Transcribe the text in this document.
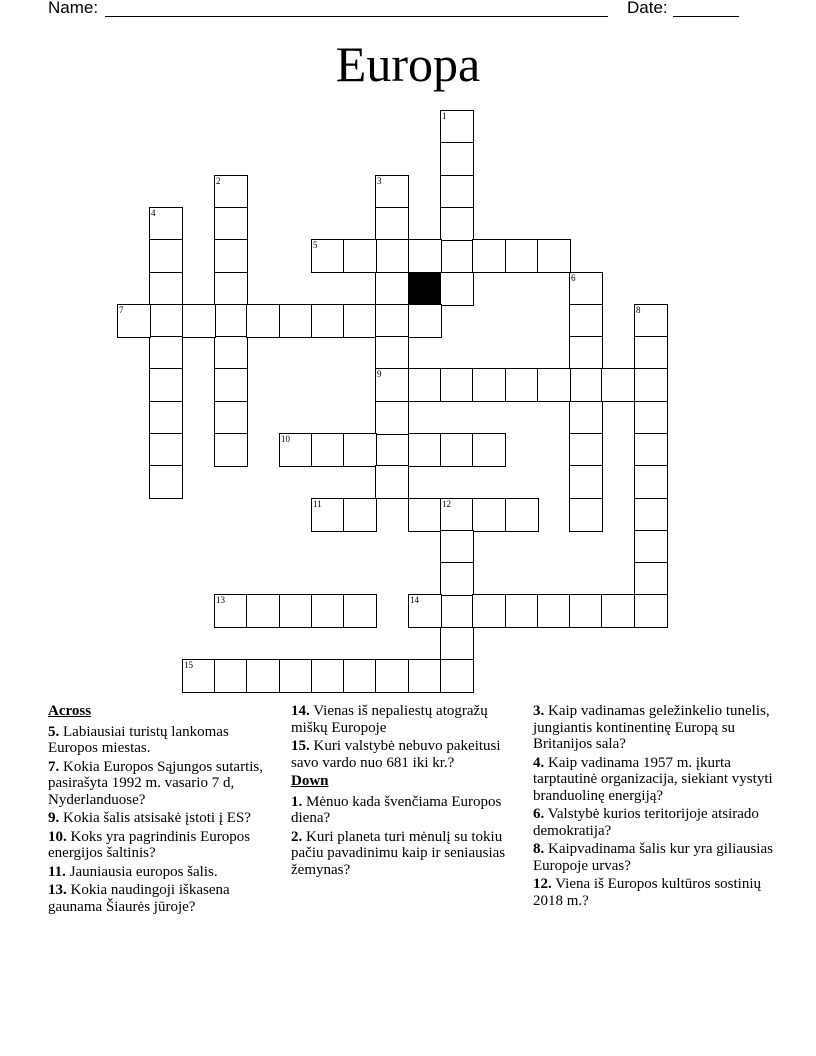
Name:	Date:
Europa
1
2	3
4
5
7
6
8
9
10
11	12
13	14
15
Across
5. Labiausiai turistų lankomas Europos miestas.
7. Kokia Europos Sąjungos sutartis, pasirašyta 1992 m. vasario 7 d, Nyderlanduose?
9. Kokia šalis atsisakė įstoti į ES?
10. Koks yra pagrindinis Europos energijos šaltinis?
11. Jauniausia europos šalis.
13. Kokia naudingoji iškasena gaunama Šiaurės jūroje?
14. Vienas iš nepaliestų atogražų miškų Europoje
15. Kuri valstybė nebuvo pakeitusi savo vardo nuo 681 iki kr.?
Down
1. Mėnuo kada švenčiama Europos diena?
2. Kuri planeta turi mėnulį su tokiu pačiu pavadinimu kaip ir seniausias žemynas?
3. Kaip vadinamas geležinkelio tunelis, jungiantis kontinentinę Europą su Britanijos sala?
4. Kaip vadinama 1957 m. įkurta tarptautinė organizacija, siekiant vystyti branduolinę energiją?
6. Valstybė kurios teritorijoje atsirado demokratija?
8. Kaipvadinama šalis kur yra giliausias Europoje urvas?
12. Viena iš Europos kultūros sostinių 2018 m.?
